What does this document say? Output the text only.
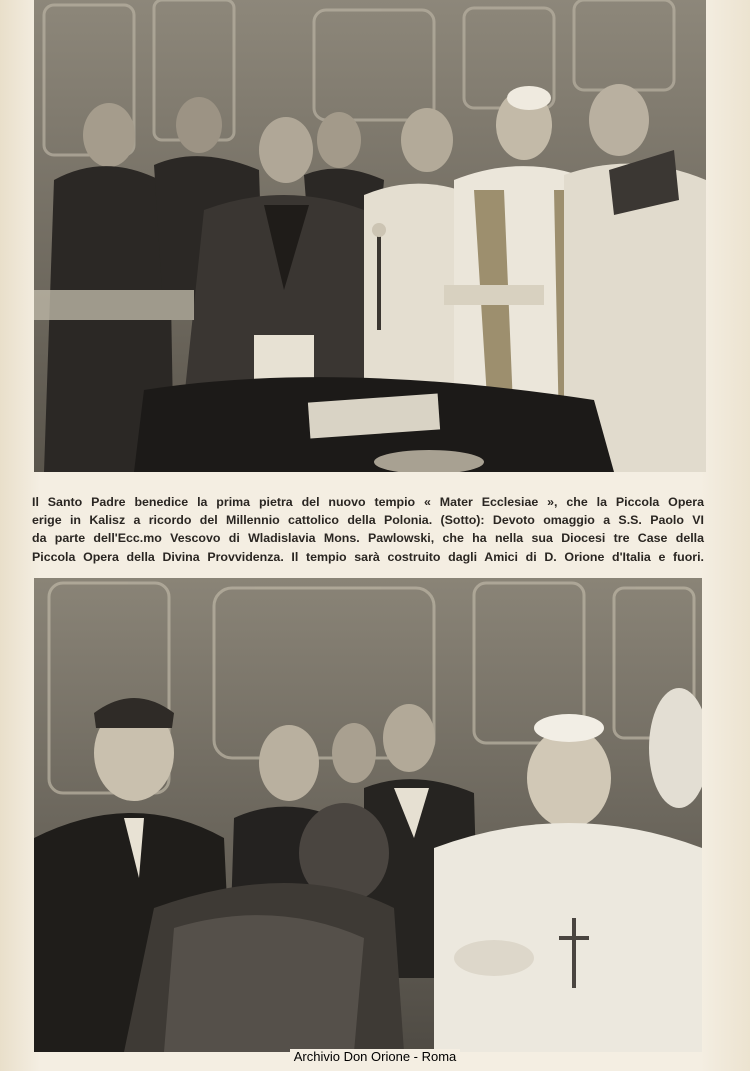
Il Santo Padre benedice la prima pietra del nuovo tempio « Mater Ecclesiae », che la Piccola Opera
erige in Kalisz a ricordo del Millennio cattolico della Polonia. (Sotto): Devoto omaggio a S.S. Paolo VI
da parte dell'Ecc.mo Vescovo di Wladislavia Mons. Pawlowski, che ha nella sua Diocesi tre Case della
Piccola Opera della Divina Provvidenza. Il tempio sarà costruito dagli Amici di D. Orione d'Italia e fuori.
Archivio Don Orione - Roma
